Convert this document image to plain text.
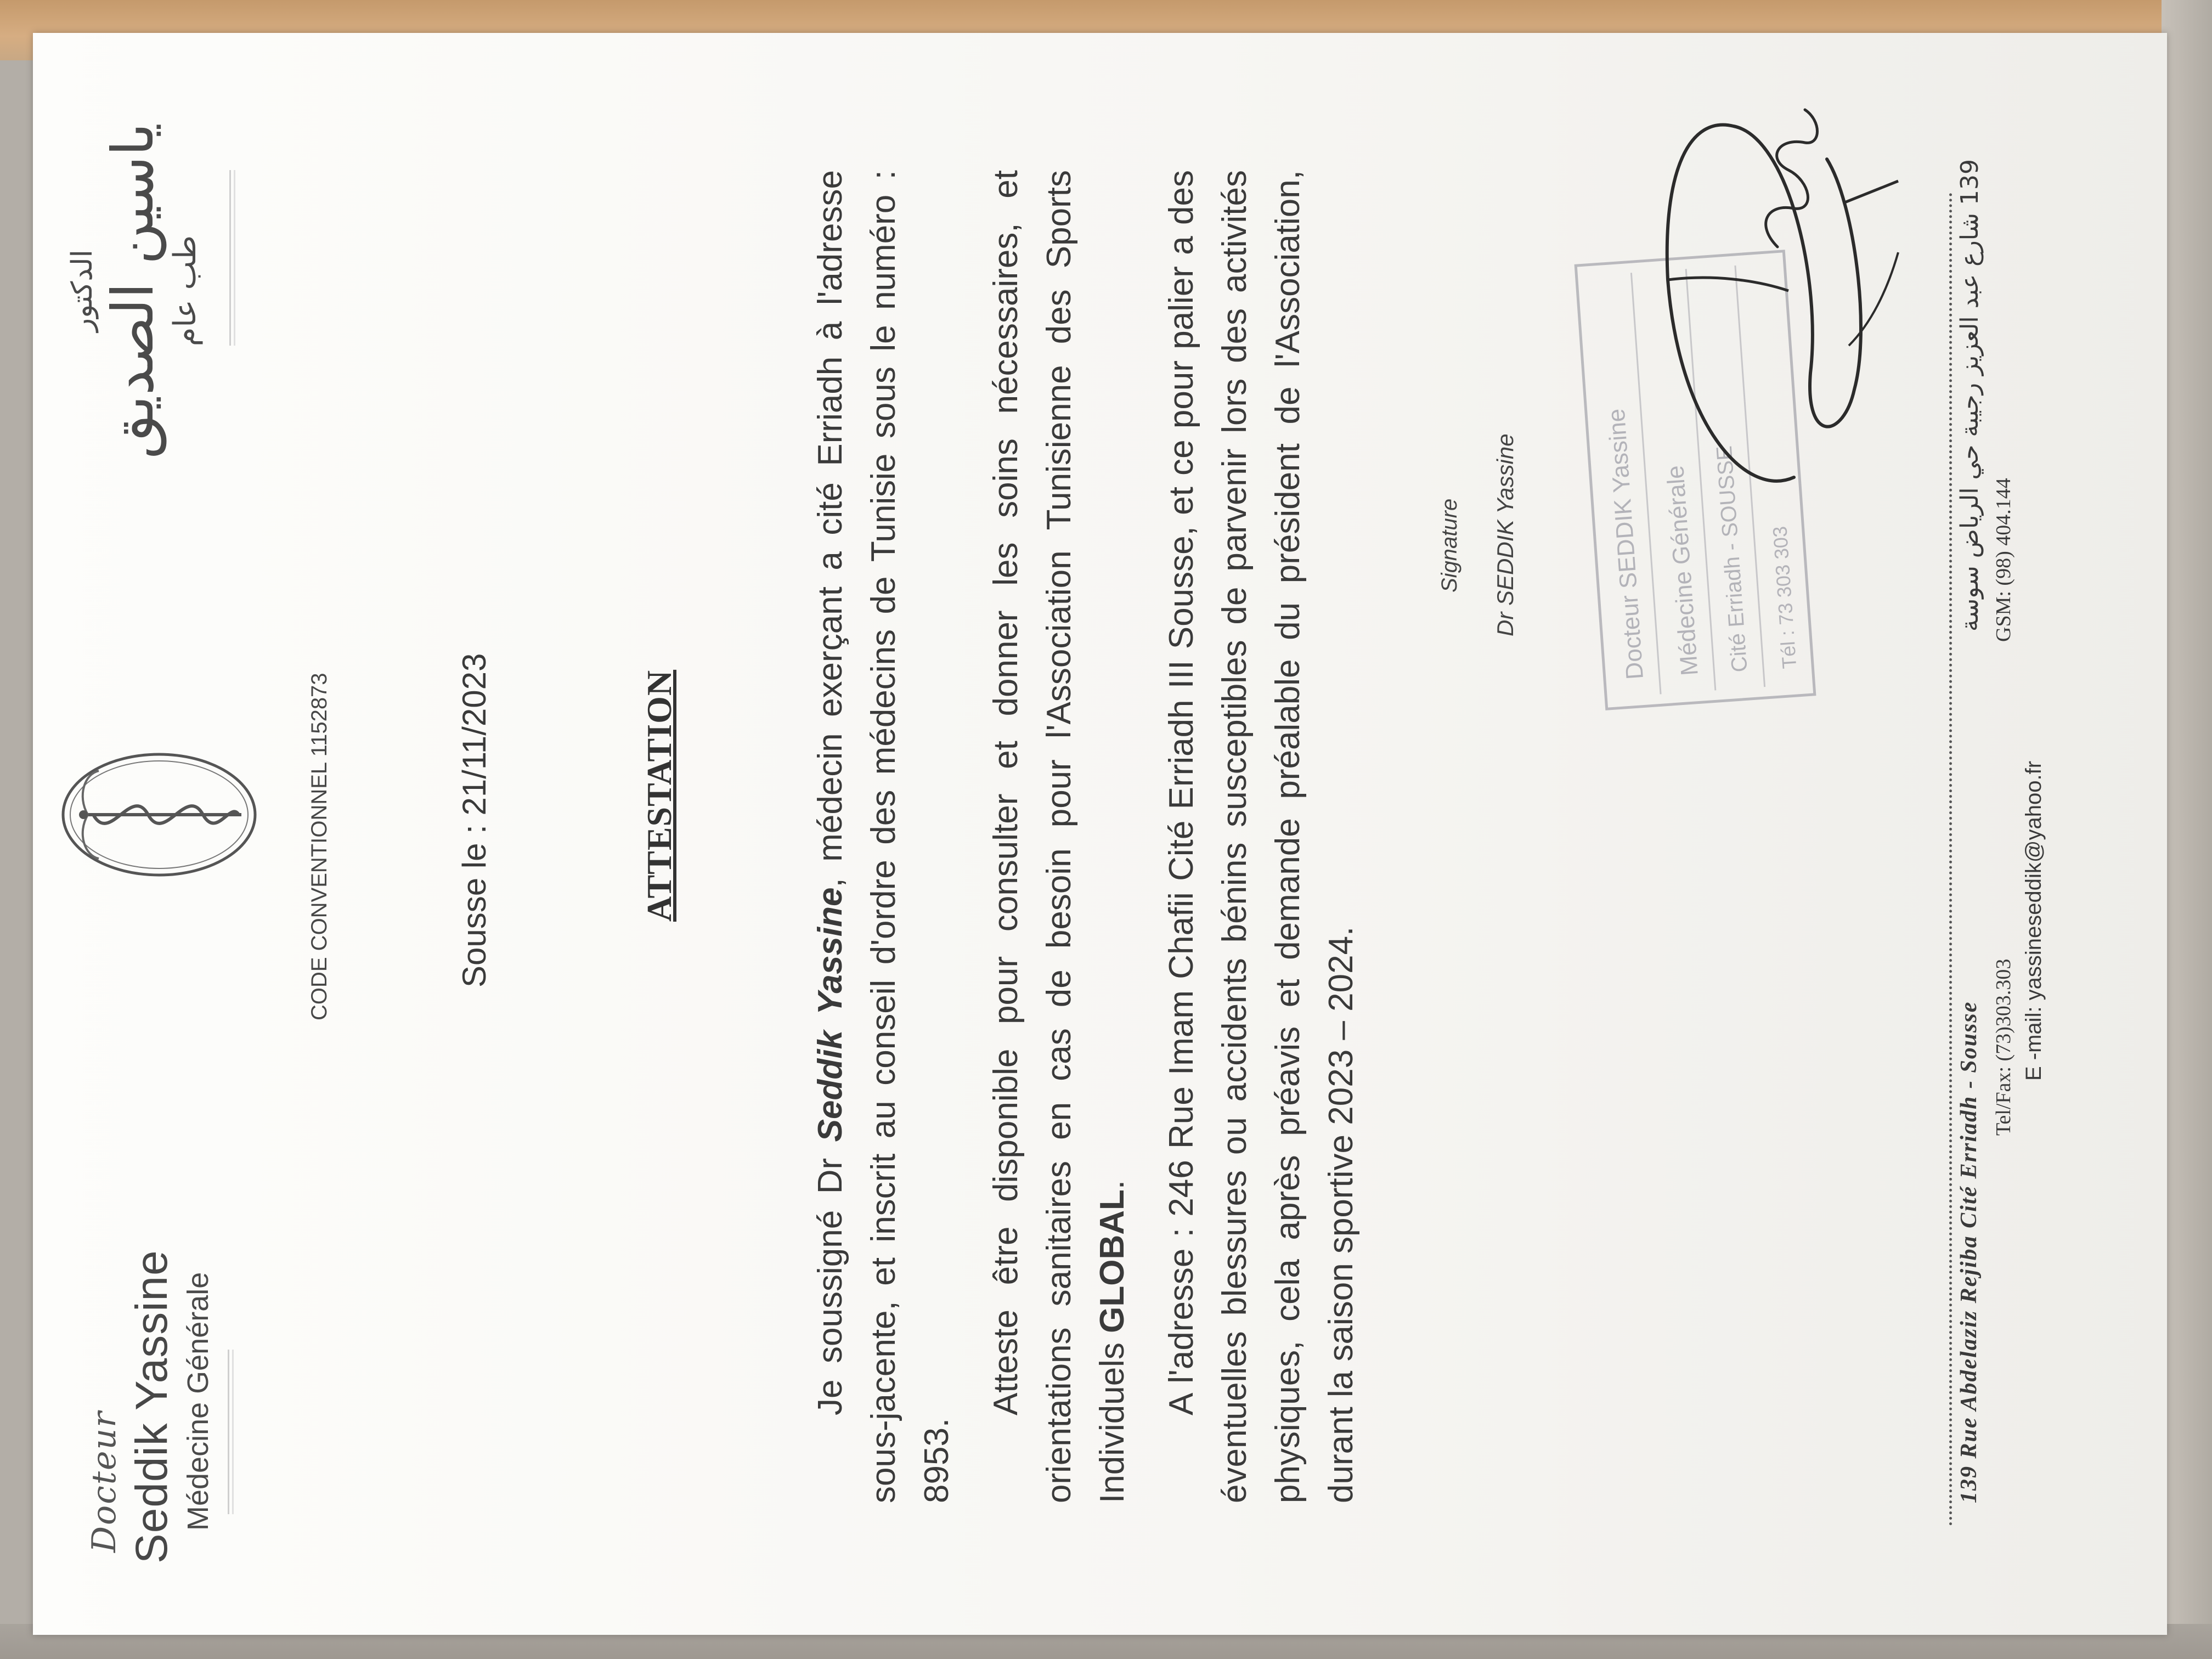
Docteur Seddik Yassine Médecine Générale
CODE CONVENTIONNEL 1152873
الدكتور ياسين الصديق طب عام
Sousse le : 21/11/2023	ATTESTATION
Je soussigné Dr Seddik Yassine, médecin exerçant a cité Erriadh à l'adresse sous-jacente, et inscrit au conseil d'ordre des médecins de Tunisie sous le numéro : 8953.
Atteste être disponible pour consulter et donner les soins nécessaires, et orientations sanitaires en cas de besoin pour l'Association Tunisienne des Sports Individuels GLOBAL. A l'adresse : 246 Rue Imam Chafii Cité Erriadh III Sousse, et ce pour palier a des éventuelles blessures ou accidents bénins susceptibles de parvenir lors des activités physiques, cela après préavis et demande préalable du président de l'Association, durant la saison sportive 2023 – 2024.
Signature Dr SEDDIK Yassine	Docteur SEDDIK Yassine Médecine Générale Cité Erriadh - SOUSSE Tél : 73 303 303
139 Rue Abdelaziz Rejiba Cité Erriadh - Sousse
139 شارع عبد العزيز رجيبة حي الرياض سوسة
Tel/Fax: (73)303.303
GSM: (98) 404.144
E -mail: yassineseddik@yahoo.fr
